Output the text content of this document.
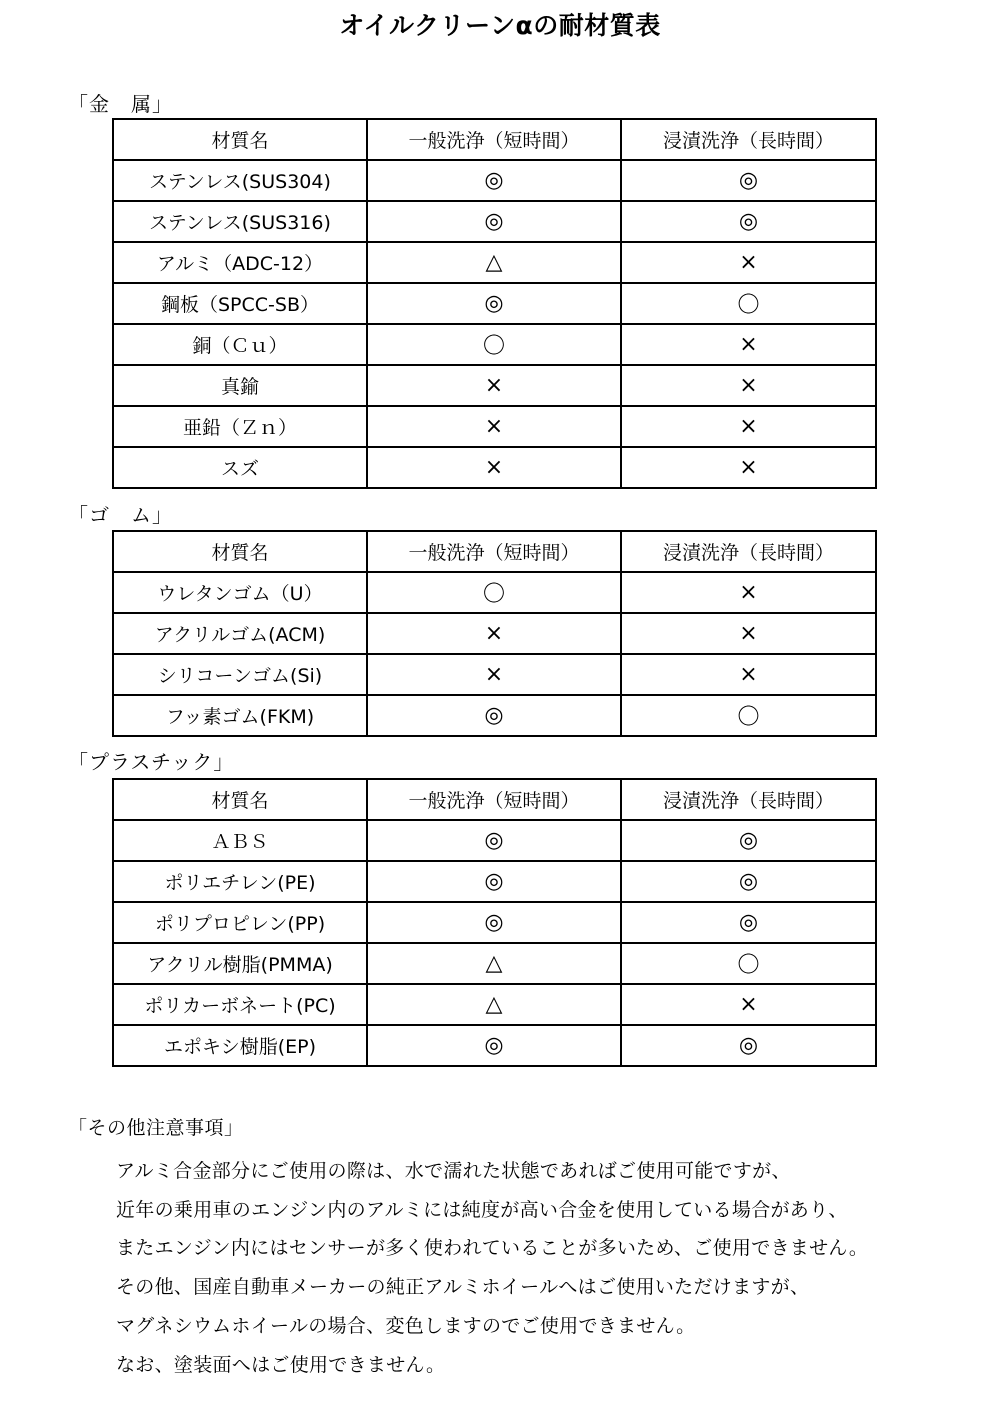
オイルクリーンαの耐材質表
「金　属」
材質名	一般洗浄（短時間）	浸漬洗浄（長時間）
ステンレス(SUS304)	◎	◎
ステンレス(SUS316)	◎	◎
アルミ（ADC-12）	△	×
鋼板（SPCC-SB）	◎	〇
銅（Ｃｕ）	〇	×
真鍮	×	×
亜鉛（Ｚｎ）	×	×
スズ	×	×
「ゴ　ム」
材質名	一般洗浄（短時間）	浸漬洗浄（長時間）
ウレタンゴム（U）	〇	×
アクリルゴム(ACM)	×	×
シリコーンゴム(Si)	×	×
フッ素ゴム(FKM)	◎	〇
「プラスチック」
材質名	一般洗浄（短時間）	浸漬洗浄（長時間）
ＡＢＳ	◎	◎
ポリエチレン(PE)	◎	◎
ポリプロピレン(PP)	◎	◎
アクリル樹脂(PMMA)	△	〇
ポリカーボネート(PC)	△	×
エポキシ樹脂(EP)	◎	◎
「その他注意事項」
アルミ合金部分にご使用の際は、水で濡れた状態であればご使用可能ですが、
近年の乗用車のエンジン内のアルミには純度が高い合金を使用している場合があり、
またエンジン内にはセンサーが多く使われていることが多いため、ご使用できません。
その他、国産自動車メーカーの純正アルミホイールへはご使用いただけますが、
マグネシウムホイールの場合、変色しますのでご使用できません。
なお、塗装面へはご使用できません。
